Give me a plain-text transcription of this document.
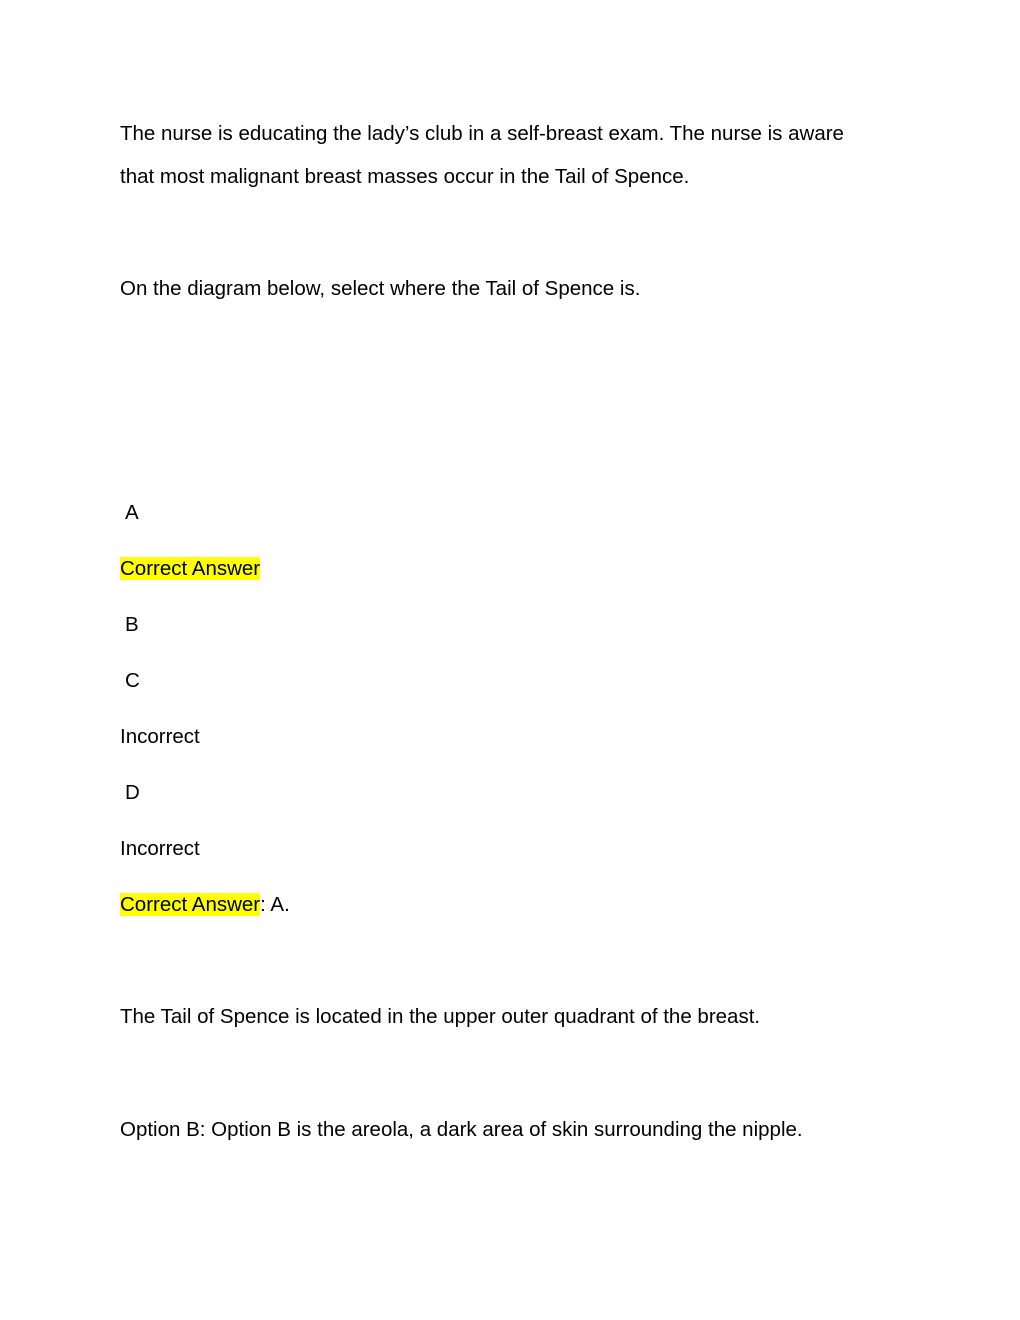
The nurse is educating the lady’s club in a self-breast exam. The nurse is aware
that most malignant breast masses occur in the Tail of Spence.
On the diagram below, select where the Tail of Spence is.
A
Correct Answer
B
C
Incorrect
D
Incorrect
Correct Answer: A.
The Tail of Spence is located in the upper outer quadrant of the breast.
Option B: Option B is the areola, a dark area of skin surrounding the nipple.
